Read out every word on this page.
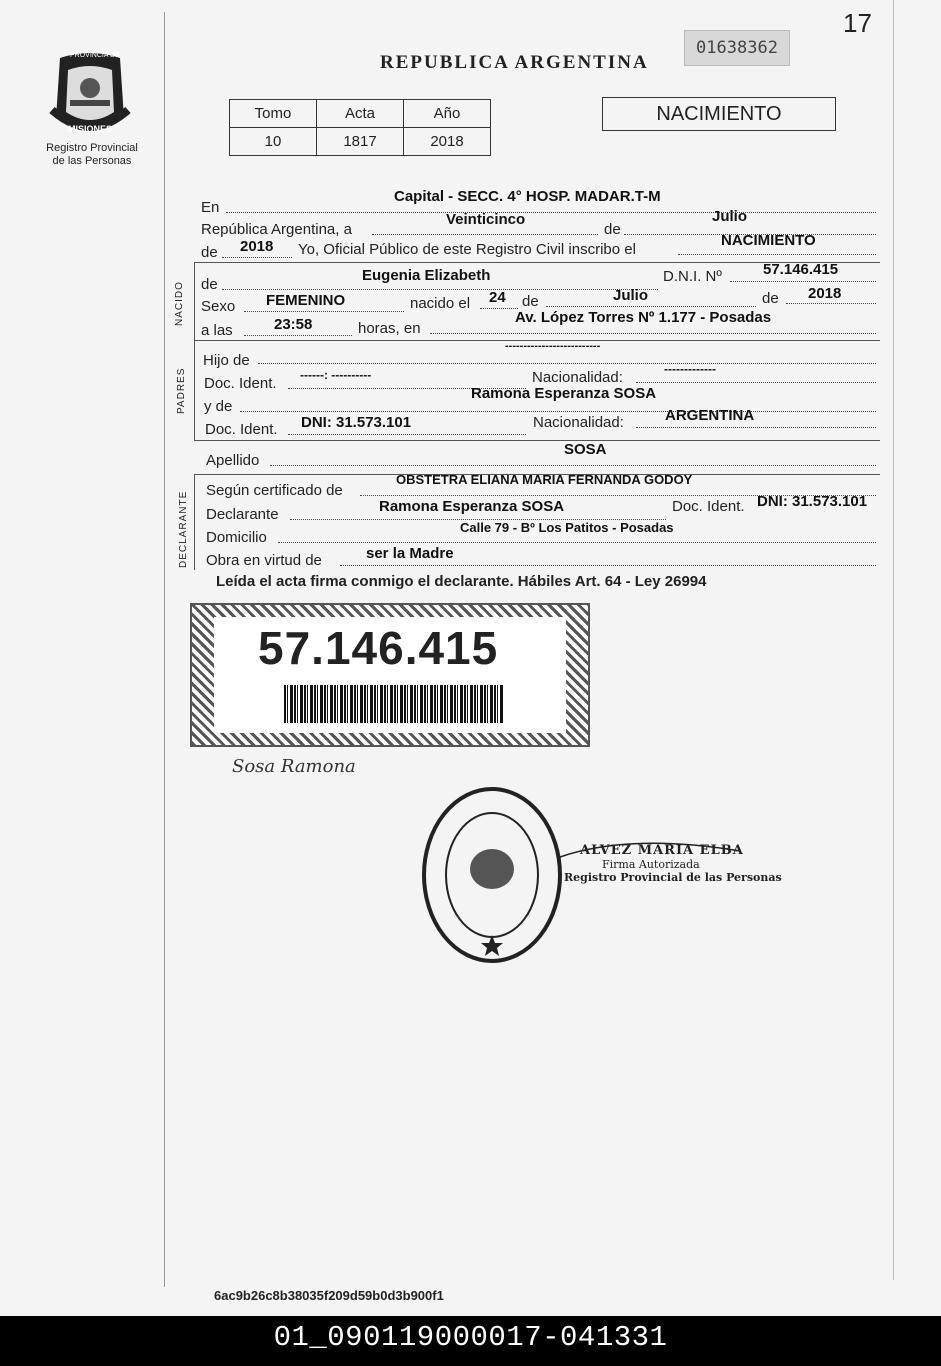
17
REPUBLICA ARGENTINA
01638362
PROVINCIA DE
MISIONES
Registro Provincial
de las Personas
Tomo	Acta	Año
10	1817	2018
NACIMIENTO
En
Capital - SECC. 4° HOSP. MADAR.T-M
República Argentina, a
Veinticinco
de
Julio
de 2018 Yo, Oficial Público de este Registro Civil inscribo el
NACIMIENTO
NACIDO de
Eugenia Elizabeth	D.N.I. Nº	57.146.415
Sexo FEMENINO	nacido el 24 de	Julio	de 2018
a las	23:58	horas, en
Av. López Torres Nº 1.177 - Posadas
PADRES
Hijo de
--------------------------
Doc. Ident. ------: ----------	Nacionalidad:	-------------
y de
Ramona Esperanza SOSA
Doc. Ident. DNI: 31.573.101	Nacionalidad:	ARGENTINA
Apellido
SOSA
DECLARANTE
Según certificado de
OBSTETRA ELIANA MARIA FERNANDA GODOY
Declarante	Ramona Esperanza SOSA	Doc. Ident. DNI: 31.573.101
Domicilio
Calle 79 - Bº Los Patitos - Posadas
Obra en virtud de	ser la Madre
Leída el acta firma conmigo el declarante. Hábiles Art. 64 - Ley 26994
57.146.415
Sosa Ramona
ALVEZ MARIA ELBA
Firma Autorizada
Registro Provincial de las Personas
6ac9b26c8b38035f209d59b0d3b900f1
01_090119000017-041331
